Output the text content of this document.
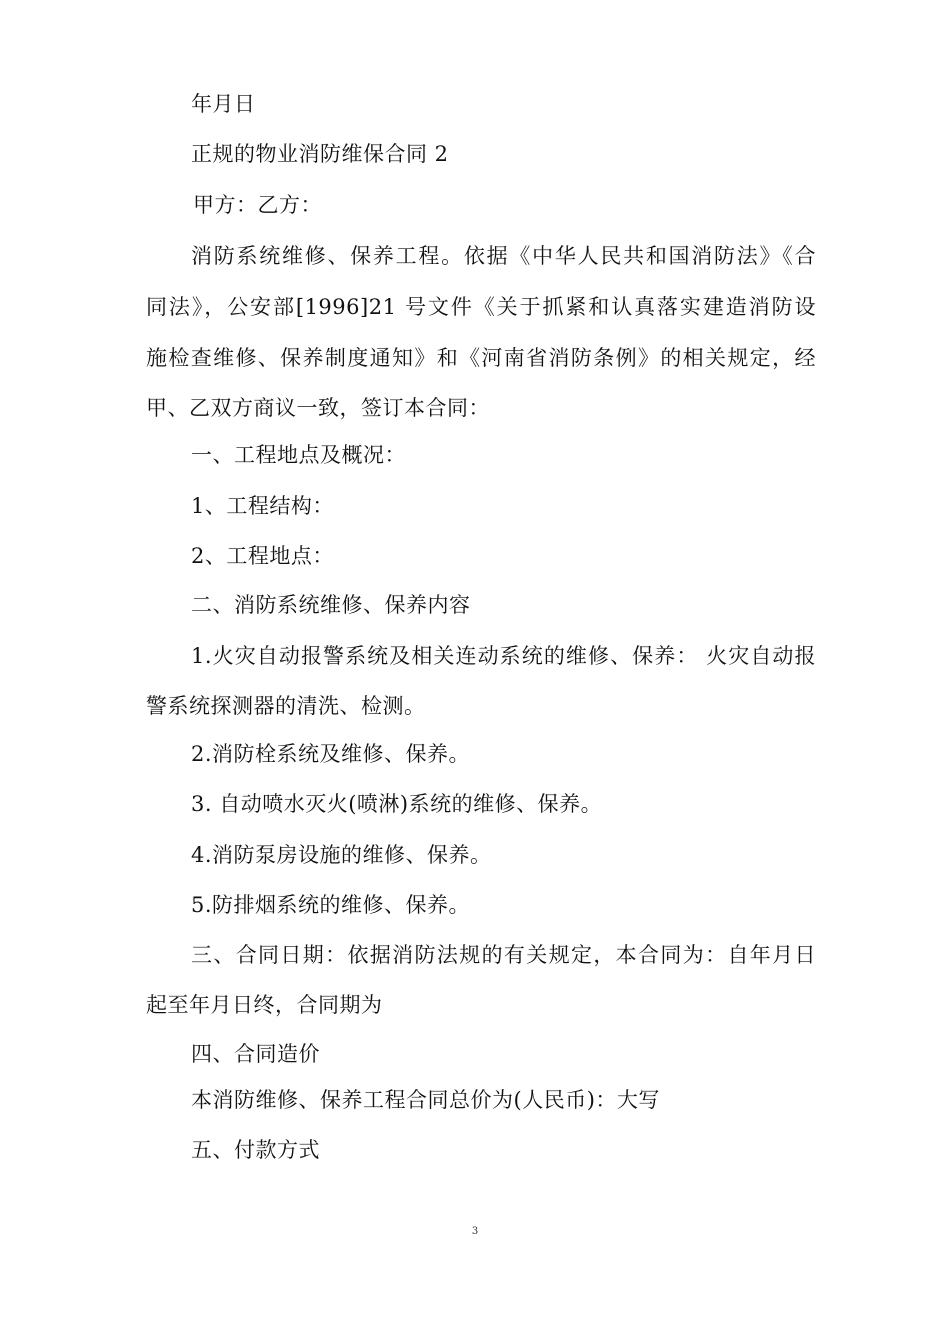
年月日
正规的物业消防维保合同 2
甲方：乙方：
消防系统维修、保养工程。依据《中华人民共和国消防法》《合
同法》，公安部[1996]21 号文件《关于抓紧和认真落实建造消防设
施检查维修、保养制度通知》和《河南省消防条例》的相关规定，经
甲、乙双方商议一致，签订本合同：
一、工程地点及概况：
1、工程结构：
2、工程地点：
二、消防系统维修、保养内容
1.火灾自动报警系统及相关连动系统的维修、保养： 火灾自动报
警系统探测器的清洗、检测。
2.消防栓系统及维修、保养。
3. 自动喷水灭火(喷淋)系统的维修、保养。
4.消防泵房设施的维修、保养。
5.防排烟系统的维修、保养。
三、合同日期：依据消防法规的有关规定，本合同为：自年月日
起至年月日终，合同期为
四、合同造价
本消防维修、保养工程合同总价为(人民币)：大写
五、付款方式
3
